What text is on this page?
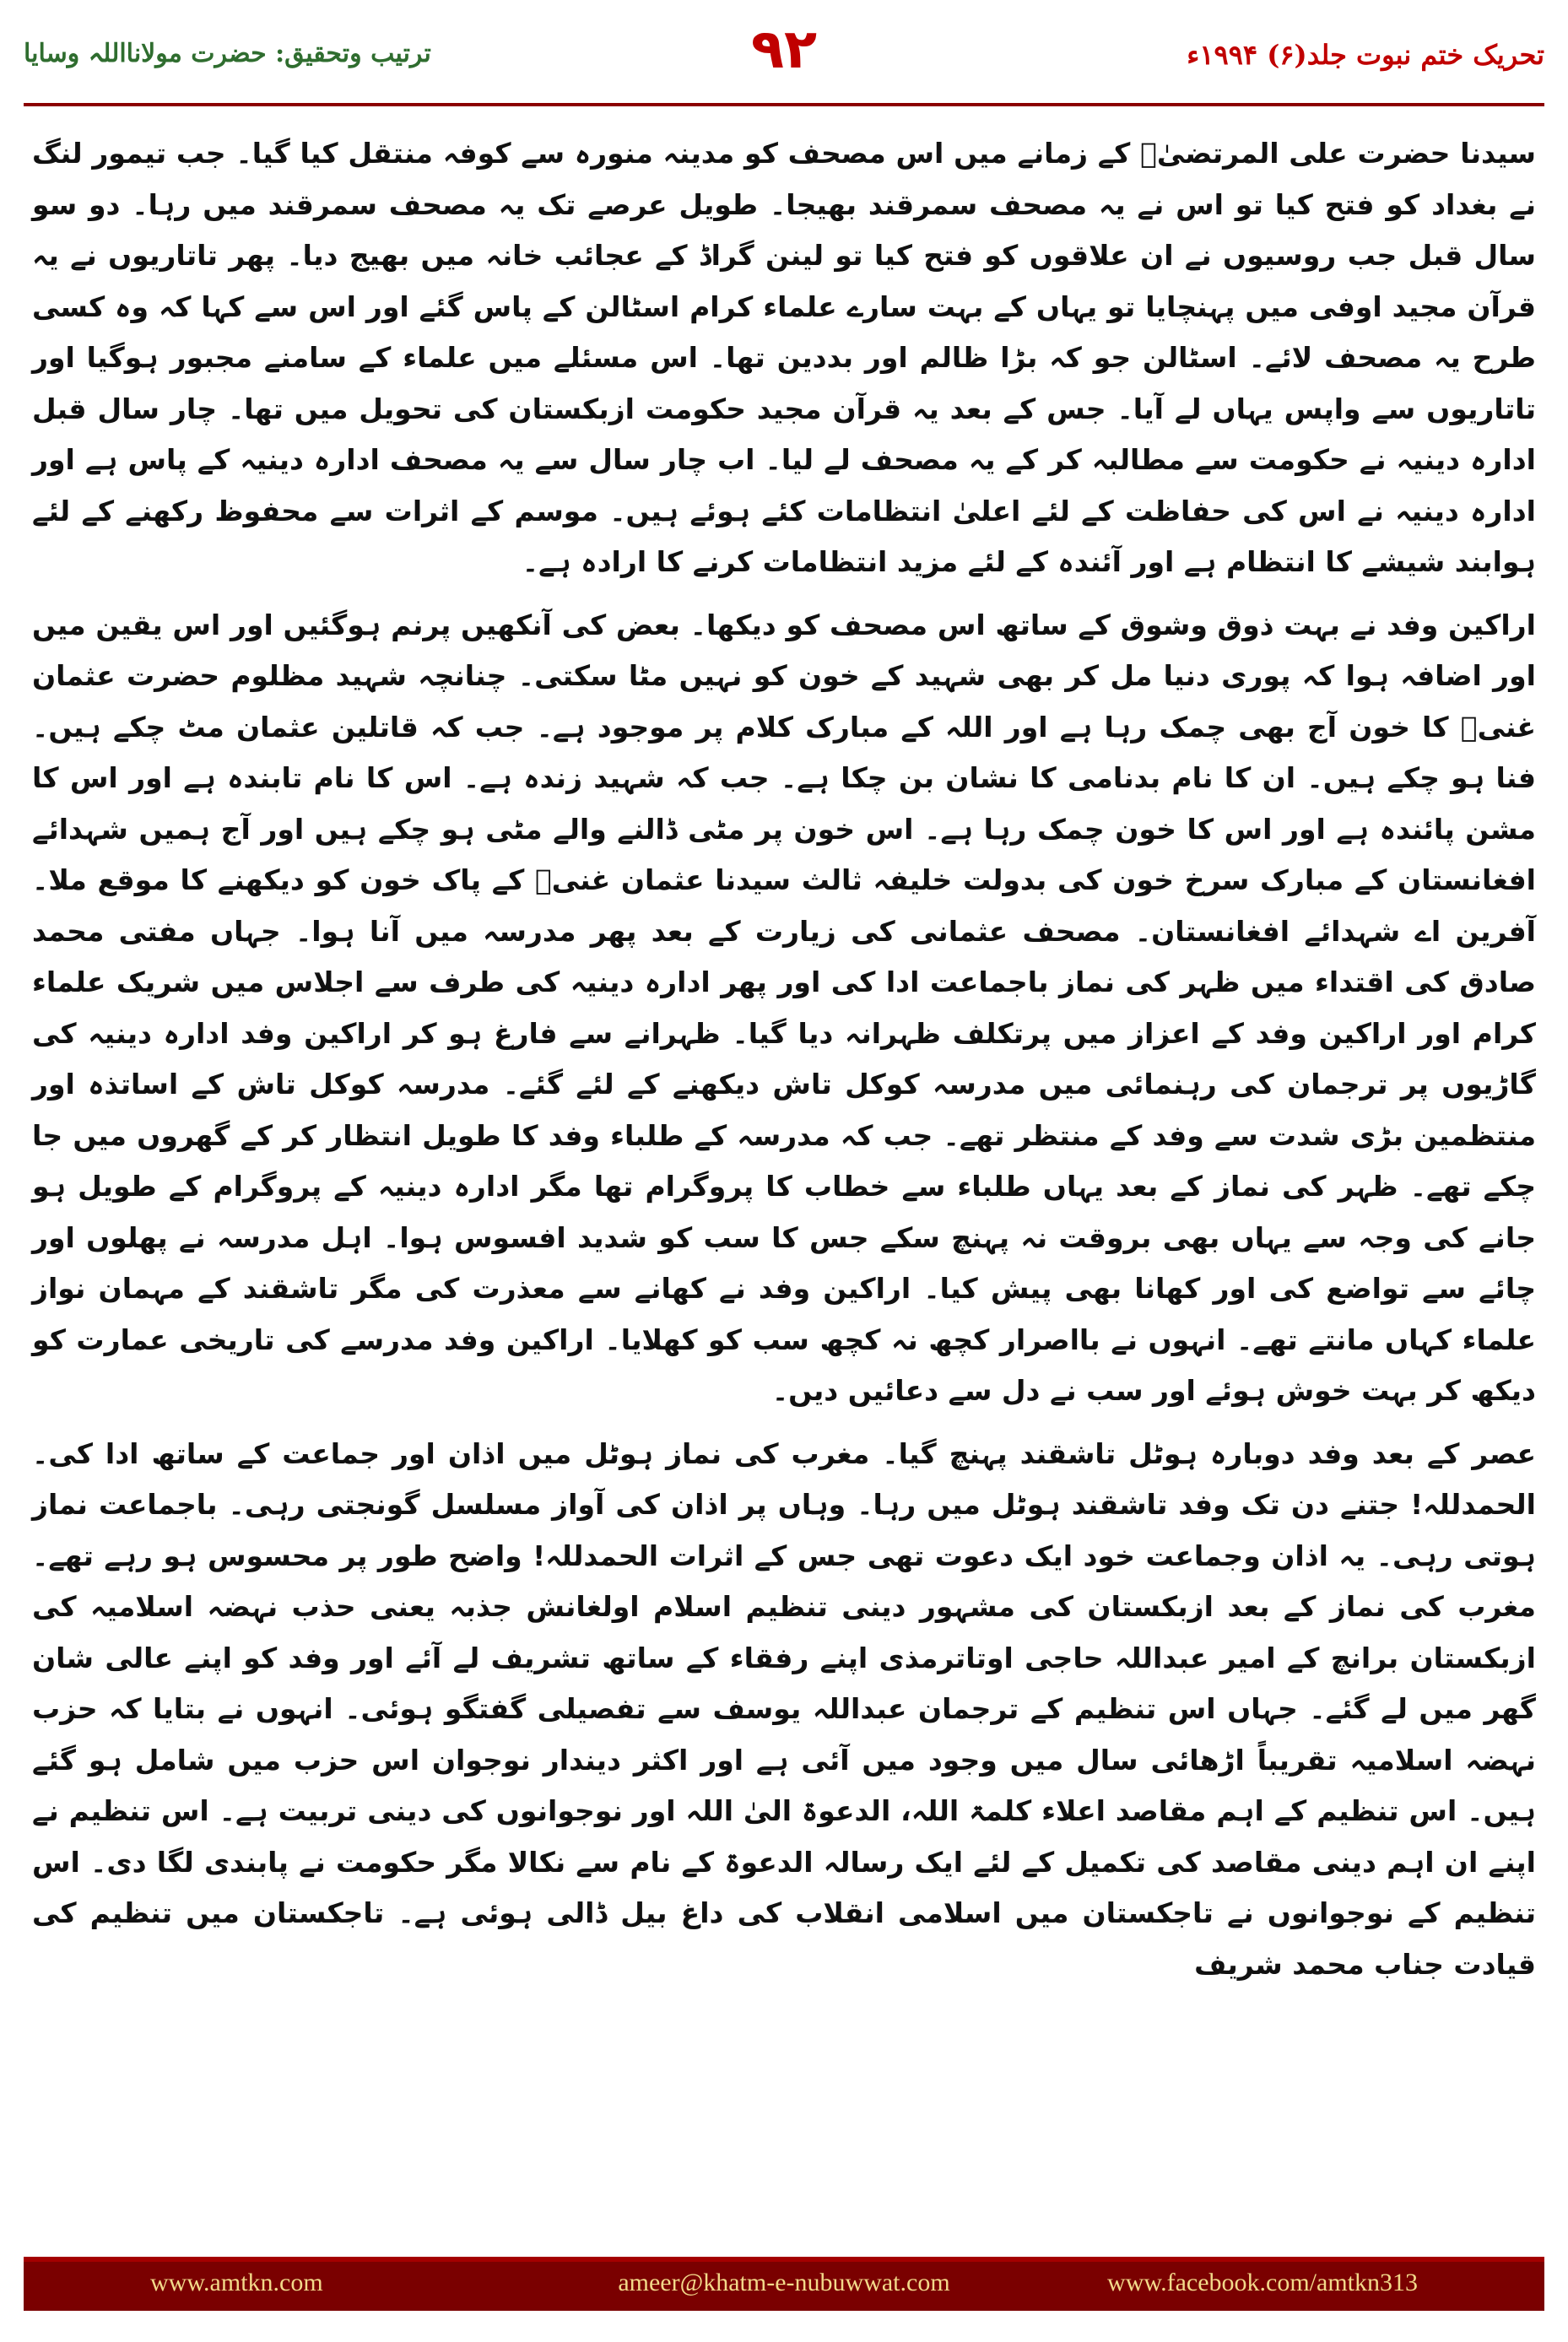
ترتیب وتحقیق: حضرت مولانااللہ وسایا	۹۲	تحریک ختم نبوت جلد(۶) ۱۹۹۴ء

سیدنا حضرت علی المرتضیٰؓ کے زمانے میں اس مصحف کو مدینہ منورہ سے کوفہ منتقل کیا گیا۔ جب تیمور لنگ نے بغداد کو فتح کیا تو اس نے یہ مصحف سمرقند بھیجا۔ طویل عرصے تک یہ مصحف سمرقند میں رہا۔ دو سو سال قبل جب روسیوں نے ان علاقوں کو فتح کیا تو لینن گراڈ کے عجائب خانہ میں بھیج دیا۔ پھر تاتاریوں نے یہ قرآن مجید اوفی میں پہنچایا تو یہاں کے بہت سارے علماء کرام اسٹالن کے پاس گئے اور اس سے کہا کہ وہ کسی طرح یہ مصحف لائے۔ اسٹالن جو کہ بڑا ظالم اور بددین تھا۔ اس مسئلے میں علماء کے سامنے مجبور ہوگیا اور تاتاریوں سے واپس یہاں لے آیا۔ جس کے بعد یہ قرآن مجید حکومت ازبکستان کی تحویل میں تھا۔ چار سال قبل ادارہ دینیہ نے حکومت سے مطالبہ کر کے یہ مصحف لے لیا۔ اب چار سال سے یہ مصحف ادارہ دینیہ کے پاس ہے اور ادارہ دینیہ نے اس کی حفاظت کے لئے اعلیٰ انتظامات کئے ہوئے ہیں۔ موسم کے اثرات سے محفوظ رکھنے کے لئے ہوابند شیشے کا انتظام ہے اور آئندہ کے لئے مزید انتظامات کرنے کا ارادہ ہے۔

اراکین وفد نے بہت ذوق وشوق کے ساتھ اس مصحف کو دیکھا۔ بعض کی آنکھیں پرنم ہوگئیں اور اس یقین میں اور اضافہ ہوا کہ پوری دنیا مل کر بھی شہید کے خون کو نہیں مٹا سکتی۔ چنانچہ شہید مظلوم حضرت عثمان غنیؓ کا خون آج بھی چمک رہا ہے اور اللہ کے مبارک کلام پر موجود ہے۔ جب کہ قاتلین عثمان مٹ چکے ہیں۔ فنا ہو چکے ہیں۔ ان کا نام بدنامی کا نشان بن چکا ہے۔ جب کہ شہید زندہ ہے۔ اس کا نام تابندہ ہے اور اس کا مشن پائندہ ہے اور اس کا خون چمک رہا ہے۔ اس خون پر مٹی ڈالنے والے مٹی ہو چکے ہیں اور آج ہمیں شہدائے افغانستان کے مبارک سرخ خون کی بدولت خلیفہ ثالث سیدنا عثمان غنیؓ کے پاک خون کو دیکھنے کا موقع ملا۔ آفرین اے شہدائے افغانستان۔ مصحف عثمانی کی زیارت کے بعد پھر مدرسہ میں آنا ہوا۔ جہاں مفتی محمد صادق کی اقتداء میں ظہر کی نماز باجماعت ادا کی اور پھر ادارہ دینیہ کی طرف سے اجلاس میں شریک علماء کرام اور اراکین وفد کے اعزاز میں پرتکلف ظہرانہ دیا گیا۔ ظہرانے سے فارغ ہو کر اراکین وفد ادارہ دینیہ کی گاڑیوں پر ترجمان کی رہنمائی میں مدرسہ کوکل تاش دیکھنے کے لئے گئے۔ مدرسہ کوکل تاش کے اساتذہ اور منتظمین بڑی شدت سے وفد کے منتظر تھے۔ جب کہ مدرسہ کے طلباء وفد کا طویل انتظار کر کے گھروں میں جا چکے تھے۔ ظہر کی نماز کے بعد یہاں طلباء سے خطاب کا پروگرام تھا مگر ادارہ دینیہ کے پروگرام کے طویل ہو جانے کی وجہ سے یہاں بھی بروقت نہ پہنچ سکے جس کا سب کو شدید افسوس ہوا۔ اہل مدرسہ نے پھلوں اور چائے سے تواضع کی اور کھانا بھی پیش کیا۔ اراکین وفد نے کھانے سے معذرت کی مگر تاشقند کے مہمان نواز علماء کہاں مانتے تھے۔ انہوں نے بااصرار کچھ نہ کچھ سب کو کھلایا۔ اراکین وفد مدرسے کی تاریخی عمارت کو دیکھ کر بہت خوش ہوئے اور سب نے دل سے دعائیں دیں۔

عصر کے بعد وفد دوبارہ ہوٹل تاشقند پہنچ گیا۔ مغرب کی نماز ہوٹل میں اذان اور جماعت کے ساتھ ادا کی۔ الحمدللہ! جتنے دن تک وفد تاشقند ہوٹل میں رہا۔ وہاں پر اذان کی آواز مسلسل گونجتی رہی۔ باجماعت نماز ہوتی رہی۔ یہ اذان وجماعت خود ایک دعوت تھی جس کے اثرات الحمدللہ! واضح طور پر محسوس ہو رہے تھے۔ مغرب کی نماز کے بعد ازبکستان کی مشہور دینی تنظیم اسلام اولغانش جذبہ یعنی حذب نہضہ اسلامیہ کی ازبکستان برانچ کے امیر عبداللہ حاجی اوتاترمذی اپنے رفقاء کے ساتھ تشریف لے آئے اور وفد کو اپنے عالی شان گھر میں لے گئے۔ جہاں اس تنظیم کے ترجمان عبداللہ یوسف سے تفصیلی گفتگو ہوئی۔ انہوں نے بتایا کہ حزب نہضہ اسلامیہ تقریباً اڑھائی سال میں وجود میں آئی ہے اور اکثر دیندار نوجوان اس حزب میں شامل ہو گئے ہیں۔ اس تنظیم کے اہم مقاصد اعلاء کلمۃ اللہ، الدعوۃ الیٰ اللہ اور نوجوانوں کی دینی تربیت ہے۔ اس تنظیم نے اپنے ان اہم دینی مقاصد کی تکمیل کے لئے ایک رسالہ الدعوۃ کے نام سے نکالا مگر حکومت نے پابندی لگا دی۔ اس تنظیم کے نوجوانوں نے تاجکستان میں اسلامی انقلاب کی داغ بیل ڈالی ہوئی ہے۔ تاجکستان میں تنظیم کی قیادت جناب محمد شریف

www.amtkn.com	ameer@khatm-e-nubuwwat.com	www.facebook.com/amtkn313
